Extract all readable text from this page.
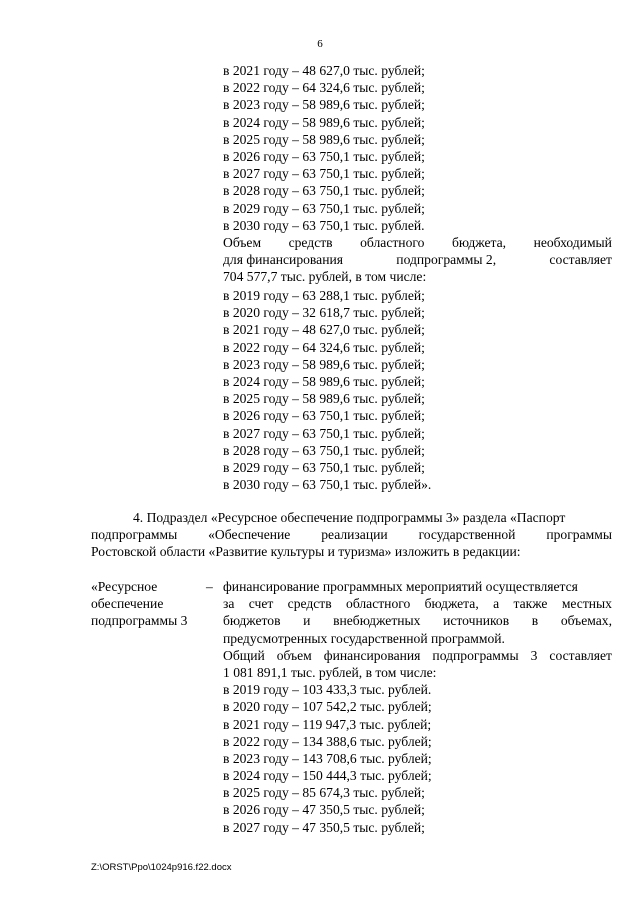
6
в 2021 году – 48 627,0 тыс. рублей;
в 2022 году – 64 324,6 тыс. рублей;
в 2023 году – 58 989,6 тыс. рублей;
в 2024 году – 58 989,6 тыс. рублей;
в 2025 году – 58 989,6 тыс. рублей;
в 2026 году – 63 750,1 тыс. рублей;
в 2027 году – 63 750,1 тыс. рублей;
в 2028 году – 63 750,1 тыс. рублей;
в 2029 году – 63 750,1 тыс. рублей;
в 2030 году – 63 750,1 тыс. рублей.
Объем средств областного бюджета, необходимый
для финансирования	подпрограммы 2,	составляет
704 577,7 тыс. рублей, в том числе:
в 2019 году – 63 288,1 тыс. рублей;
в 2020 году – 32 618,7 тыс. рублей;
в 2021 году – 48 627,0 тыс. рублей;
в 2022 году – 64 324,6 тыс. рублей;
в 2023 году – 58 989,6 тыс. рублей;
в 2024 году – 58 989,6 тыс. рублей;
в 2025 году – 58 989,6 тыс. рублей;
в 2026 году – 63 750,1 тыс. рублей;
в 2027 году – 63 750,1 тыс. рублей;
в 2028 году – 63 750,1 тыс. рублей;
в 2029 году – 63 750,1 тыс. рублей;
в 2030 году – 63 750,1 тыс. рублей».
4. Подраздел «Ресурсное обеспечение подпрограммы 3» раздела «Паспорт
подпрограммы «Обеспечение реализации государственной программы
Ростовской области «Развитие культуры и туризма» изложить в редакции:
«Ресурсное
обеспечение
подпрограммы 3
– финансирование программных мероприятий осуществляется
за счет средств областного бюджета, а также местных
бюджетов и внебюджетных источников в объемах,
предусмотренных государственной программой.
Общий объем финансирования подпрограммы 3 составляет
1 081 891,1 тыс. рублей, в том числе:
в 2019 году – 103 433,3 тыс. рублей.
в 2020 году – 107 542,2 тыс. рублей;
в 2021 году – 119 947,3 тыс. рублей;
в 2022 году – 134 388,6 тыс. рублей;
в 2023 году – 143 708,6 тыс. рублей;
в 2024 году – 150 444,3 тыс. рублей;
в 2025 году – 85 674,3 тыс. рублей;
в 2026 году – 47 350,5 тыс. рублей;
в 2027 году – 47 350,5 тыс. рублей;
Z:\ORST\Ppo\1024p916.f22.docx
